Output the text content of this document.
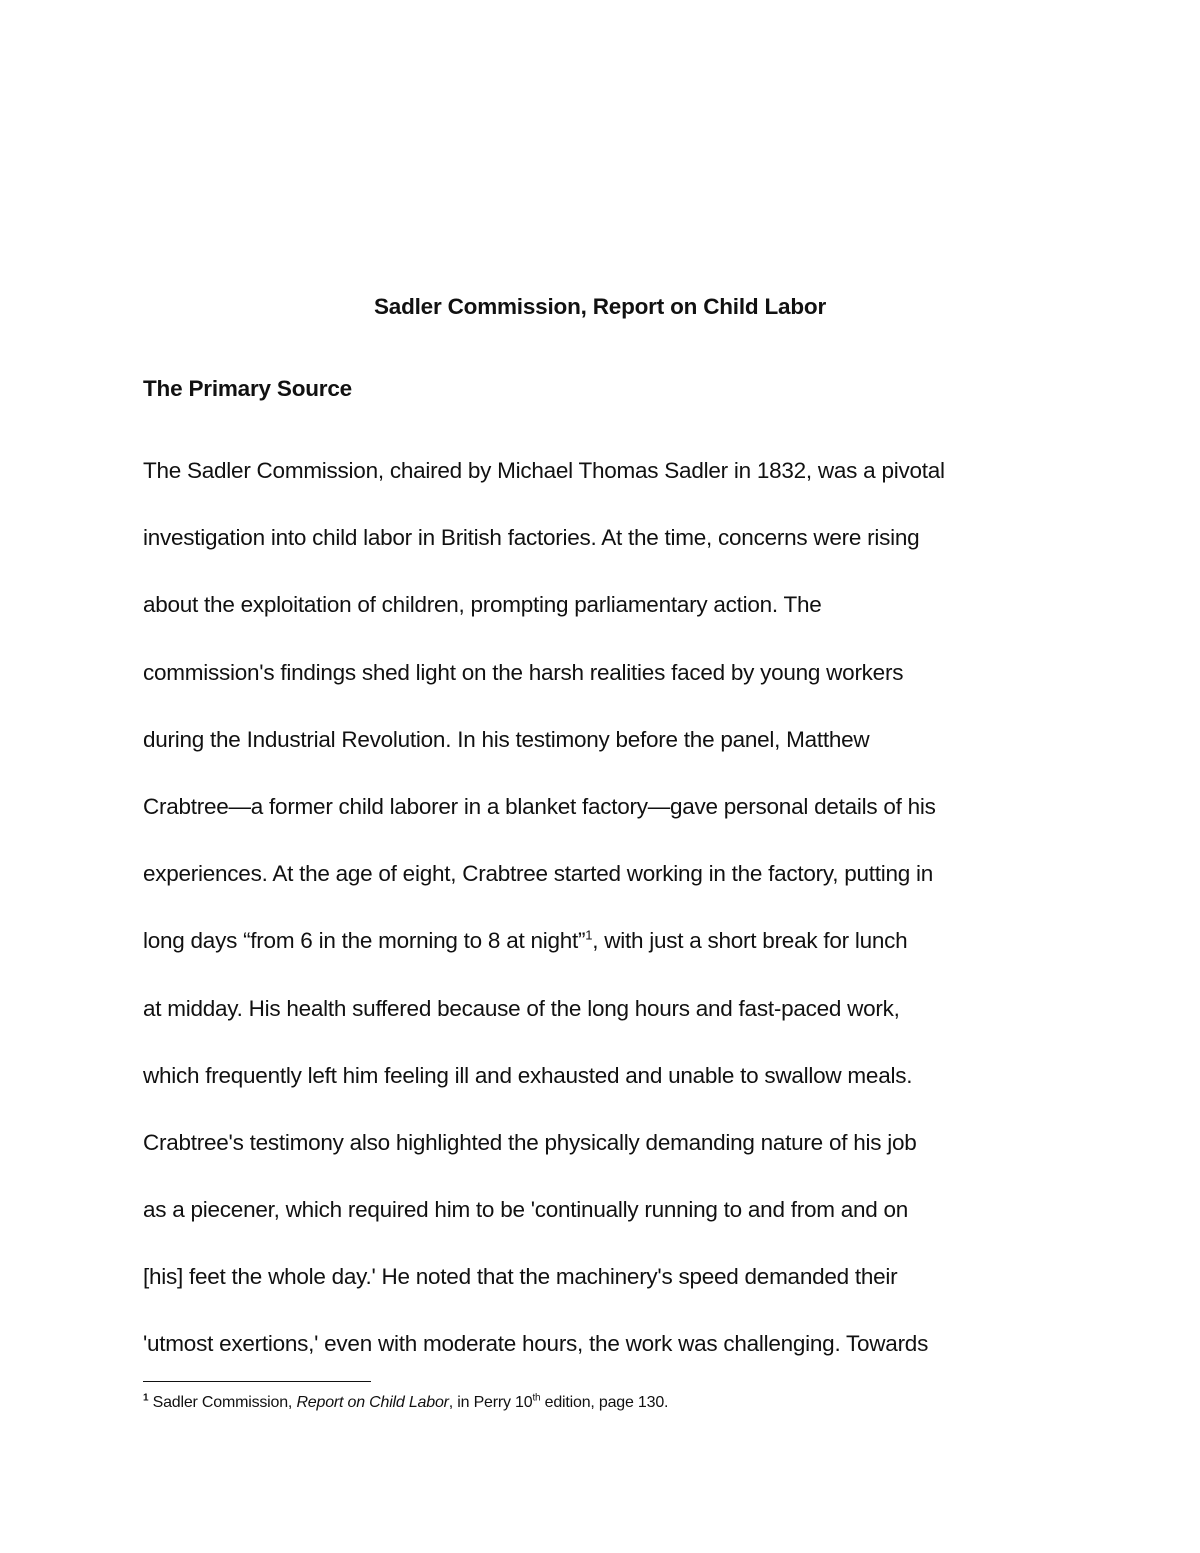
Sadler Commission, Report on Child Labor
The Primary Source
The Sadler Commission, chaired by Michael Thomas Sadler in 1832, was a pivotal
investigation into child labor in British factories. At the time, concerns were rising
about the exploitation of children, prompting parliamentary action. The
commission's findings shed light on the harsh realities faced by young workers
during the Industrial Revolution. In his testimony before the panel, Matthew
Crabtree—a former child laborer in a blanket factory—gave personal details of his
experiences. At the age of eight, Crabtree started working in the factory, putting in
long days “from 6 in the morning to 8 at night”$^1$, with just a short break for lunch
at midday. His health suffered because of the long hours and fast-paced work,
which frequently left him feeling ill and exhausted and unable to swallow meals.
Crabtree's testimony also highlighted the physically demanding nature of his job
as a piecener, which required him to be 'continually running to and from and on
[his] feet the whole day.' He noted that the machinery's speed demanded their
'utmost exertions,' even with moderate hours, the work was challenging. Towards
$^1$ Sadler Commission, Report on Child Labor, in Perry 10th edition, page 130.
